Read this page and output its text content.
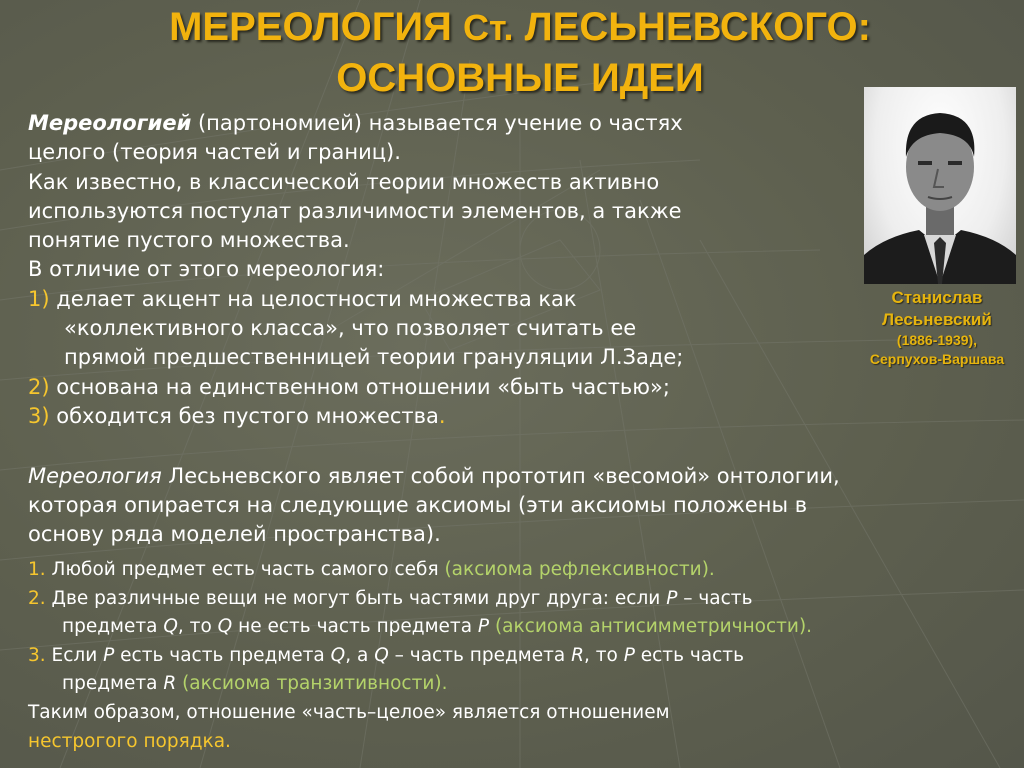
МЕРЕОЛОГИЯ Ст. ЛЕСЬНЕВСКОГО:
ОСНОВНЫЕ ИДЕИ
Станислав
Лесьневский
(1886-1939),
Серпухов-Варшава
Мереологией (партономией) называется учение о частях
целого (теория частей и границ).
Как известно, в классической теории множеств активно
используются постулат различимости элементов, а также
понятие пустого множества.
В отличие от этого мереология:
1) делает акцент на целостности множества как
«коллективного класса», что позволяет считать ее
прямой предшественницей теории грануляции Л.Заде;
2) основана на единственном отношении «быть частью»;
3) обходится без пустого множества.
Мереология Лесьневского являет собой прототип «весомой» онтологии,
которая опирается на следующие аксиомы (эти аксиомы положены в
основу ряда моделей пространства).
1. Любой предмет есть часть самого себя (аксиома рефлексивности).
2. Две различные вещи не могут быть частями друг друга: если P – часть
предмета Q, то Q не есть часть предмета P (аксиома антисимметричности).
3. Если P есть часть предмета Q, а Q – часть предмета R, то P есть часть
предмета R (аксиома транзитивности).
Таким образом, отношение «часть–целое» является отношением
нестрогого порядка.
